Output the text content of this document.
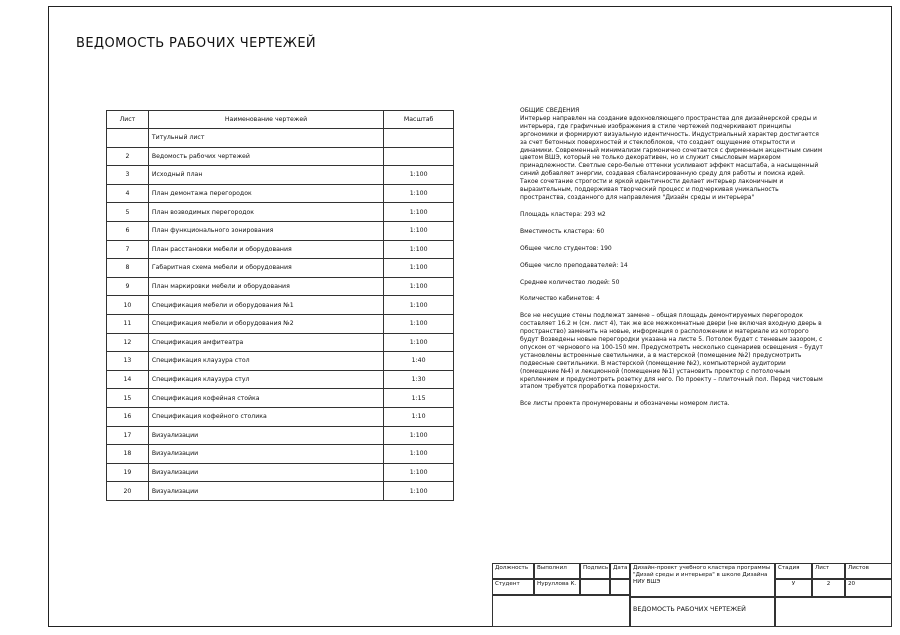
ВЕДОМОСТЬ РАБОЧИХ ЧЕРТЕЖЕЙ
Лист	Наименование чертежей	Масштаб
	Титульный лист	
2	Ведомость рабочих чертежей	
3	Исходный план	1:100
4	План демонтажа перегородок	1:100
5	План возводимых перегородок	1:100
6	План функционального зонирования	1:100
7	План расстановки мебели и оборудования	1:100
8	Габаритная схема мебели и оборудования	1:100
9	План маркировки мебели и оборудования	1:100
10	Спецификация мебели и оборудования №1	1:100
11	Спецификация мебели и оборудования №2	1:100
12	Спецификация амфитеатра	1:100
13	Спецификация клаузура стол	1:40
14	Спецификация клаузура стул	1:30
15	Спецификация кофейная стойка	1:15
16	Спецификация кофейного столика	1:10
17	Визуализации	1:100
18	Визуализации	1:100
19	Визуализации	1:100
20	Визуализации	1:100

ОБЩИЕ СВЕДЕНИЯ

Интерьер направлен на создание вдохновляющего пространства для дизайнерской среды и интерьера, где графичные изображения в стиле чертежей подчеркивают принципы эргономики и формируют визуальную идентичность. Индустриальный характер достигается за счет бетонных поверхностей и стеклоблоков, что создает ощущение открытости и динамики. Современный минимализм гармонично сочетается с фирменным акцентным синим цветом ВШЭ, который не только декоративен, но и служит смысловым маркером принадлежности. Светлые серо-белые оттенки усиливают эффект масштаба, а насыщенный синий добавляет энергии, создавая сбалансированную среду для работы и поиска идей. Такое сочетание строгости и яркой идентичности делает интерьер лаконичным и выразительным, поддерживая творческий процесс и подчеркивая уникальность пространства, созданного для направления "Дизайн среды и интерьера"

Площадь кластера: 293 м2

Вместимость кластера: 60

Общее число студентов: 190

Общее число преподавателей: 14

Среднее количество людей: 50

Количество кабинетов: 4

Все не несущие стены подлежат замене – общая площадь демонтируемых перегородок составляет 16.2 м (см. лист 4), так же все межкомнатные двери (не включая входную дверь в пространство) заменить на новые, информация о расположении и материале из которого будут Возведены новые перегородки указана на листе 5. Потолок будет с теневым зазором, с опуском от чернового на 100-150 мм. Предусмотреть несколько сценариев освещения – будут установлены встроенные светильники, а в мастерской (помещение №2) предусмотрить подвесные светильники. В мастерской (помещение №2), компьютерной аудитории (помещение №4) и лекционной (помещение №1) установить проектор с потолочным креплением и предусмотреть розетку для него. По проекту – плиточный пол. Перед чистовым этапом требуется проработка поверхности.

Все листы проекта пронумерованы и обозначены номером листа.

Должность	Выполнил	Подпись Дата
Студент	Нуруллова К.
Дизайн-проект учебного кластера программы "Дизай среды и интерьера" в школе Дизайна НИУ ВШЭ
ВЕДОМОСТЬ РАБОЧИХ ЧЕРТЕЖЕЙ
Стадия	Лист	Листов
У	2	20
